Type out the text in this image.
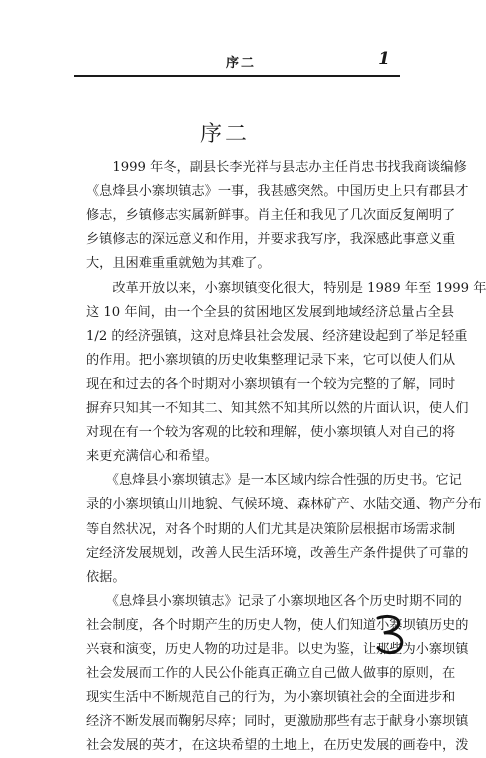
序二	1
序二
　　1999 年冬，副县长李光祥与县志办主任肖忠书找我商谈编修
《息烽县小寨坝镇志》一事，我甚感突然。中国历史上只有郡县才
修志，乡镇修志实属新鲜事。肖主任和我见了几次面反复阐明了
乡镇修志的深远意义和作用，并要求我写序，我深感此事意义重
大，且困难重重就勉为其难了。
　　改革开放以来，小寨坝镇变化很大，特别是 1989 年至 1999 年
这 10 年间，由一个全县的贫困地区发展到地域经济总量占全县
1/2 的经济强镇，这对息烽县社会发展、经济建设起到了举足轻重
的作用。把小寨坝镇的历史收集整理记录下来，它可以使人们从
现在和过去的各个时期对小寨坝镇有一个较为完整的了解，同时
摒弃只知其一不知其二、知其然不知其所以然的片面认识，使人们
对现在有一个较为客观的比较和理解，使小寨坝镇人对自己的将
来更充满信心和希望。
　　《息烽县小寨坝镇志》是一本区域内综合性强的历史书。它记
录的小寨坝镇山川地貌、气候环境、森林矿产、水陆交通、物产分布
等自然状况，对各个时期的人们尤其是决策阶层根据市场需求制
定经济发展规划，改善人民生活环境，改善生产条件提供了可靠的
依据。
　　《息烽县小寨坝镇志》记录了小寨坝地区各个历史时期不同的
社会制度，各个时期产生的历史人物，使人们知道小寨坝镇历史的
兴衰和演变，历史人物的功过是非。以史为鉴，让那些为小寨坝镇
社会发展而工作的人民公仆能真正确立自己做人做事的原则，在
现实生活中不断规范自己的行为，为小寨坝镇社会的全面进步和
经济不断发展而鞠躬尽瘁；同时，更激励那些有志于献身小寨坝镇
社会发展的英才，在这块希望的土地上，在历史发展的画卷中，泼
